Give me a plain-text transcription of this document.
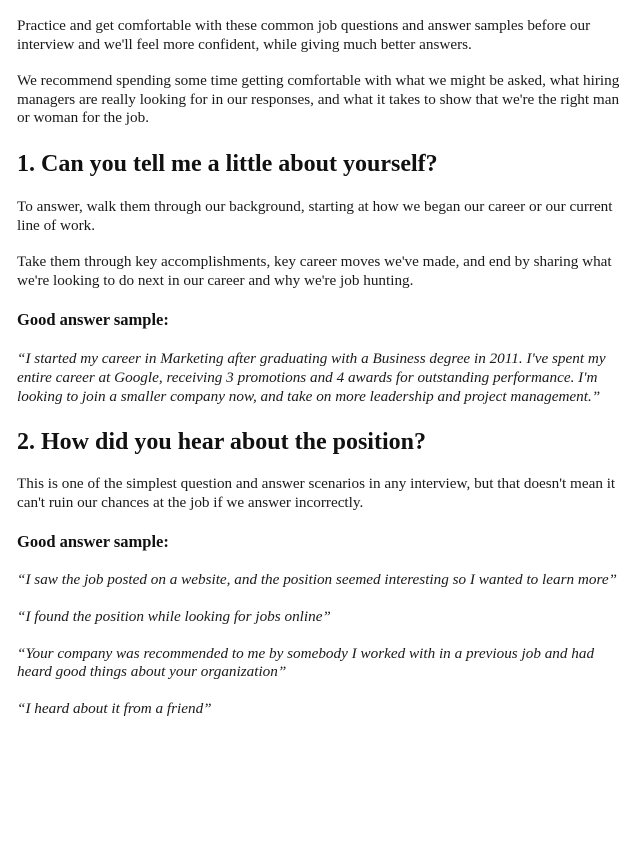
Practice and get comfortable with these common job questions and answer samples before our interview and we'll feel more confident, while giving much better answers.

We recommend spending some time getting comfortable with what we might be asked, what hiring managers are really looking for in our responses, and what it takes to show that we're the right man or woman for the job.

1. Can you tell me a little about yourself?

To answer, walk them through our background, starting at how we began our career or our current line of work.

Take them through key accomplishments, key career moves we've made, and end by sharing what we're looking to do next in our career and why we're job hunting.

Good answer sample:

“I started my career in Marketing after graduating with a Business degree in 2011. I've spent my entire career at Google, receiving 3 promotions and 4 awards for outstanding performance. I'm looking to join a smaller company now, and take on more leadership and project management.”

2. How did you hear about the position?

This is one of the simplest question and answer scenarios in any interview, but that doesn't mean it can't ruin our chances at the job if we answer incorrectly.

Good answer sample:

“I saw the job posted on a website, and the position seemed interesting so I wanted to learn more”

“I found the position while looking for jobs online”

“Your company was recommended to me by somebody I worked with in a previous job and had heard good things about your organization”

“I heard about it from a friend”
